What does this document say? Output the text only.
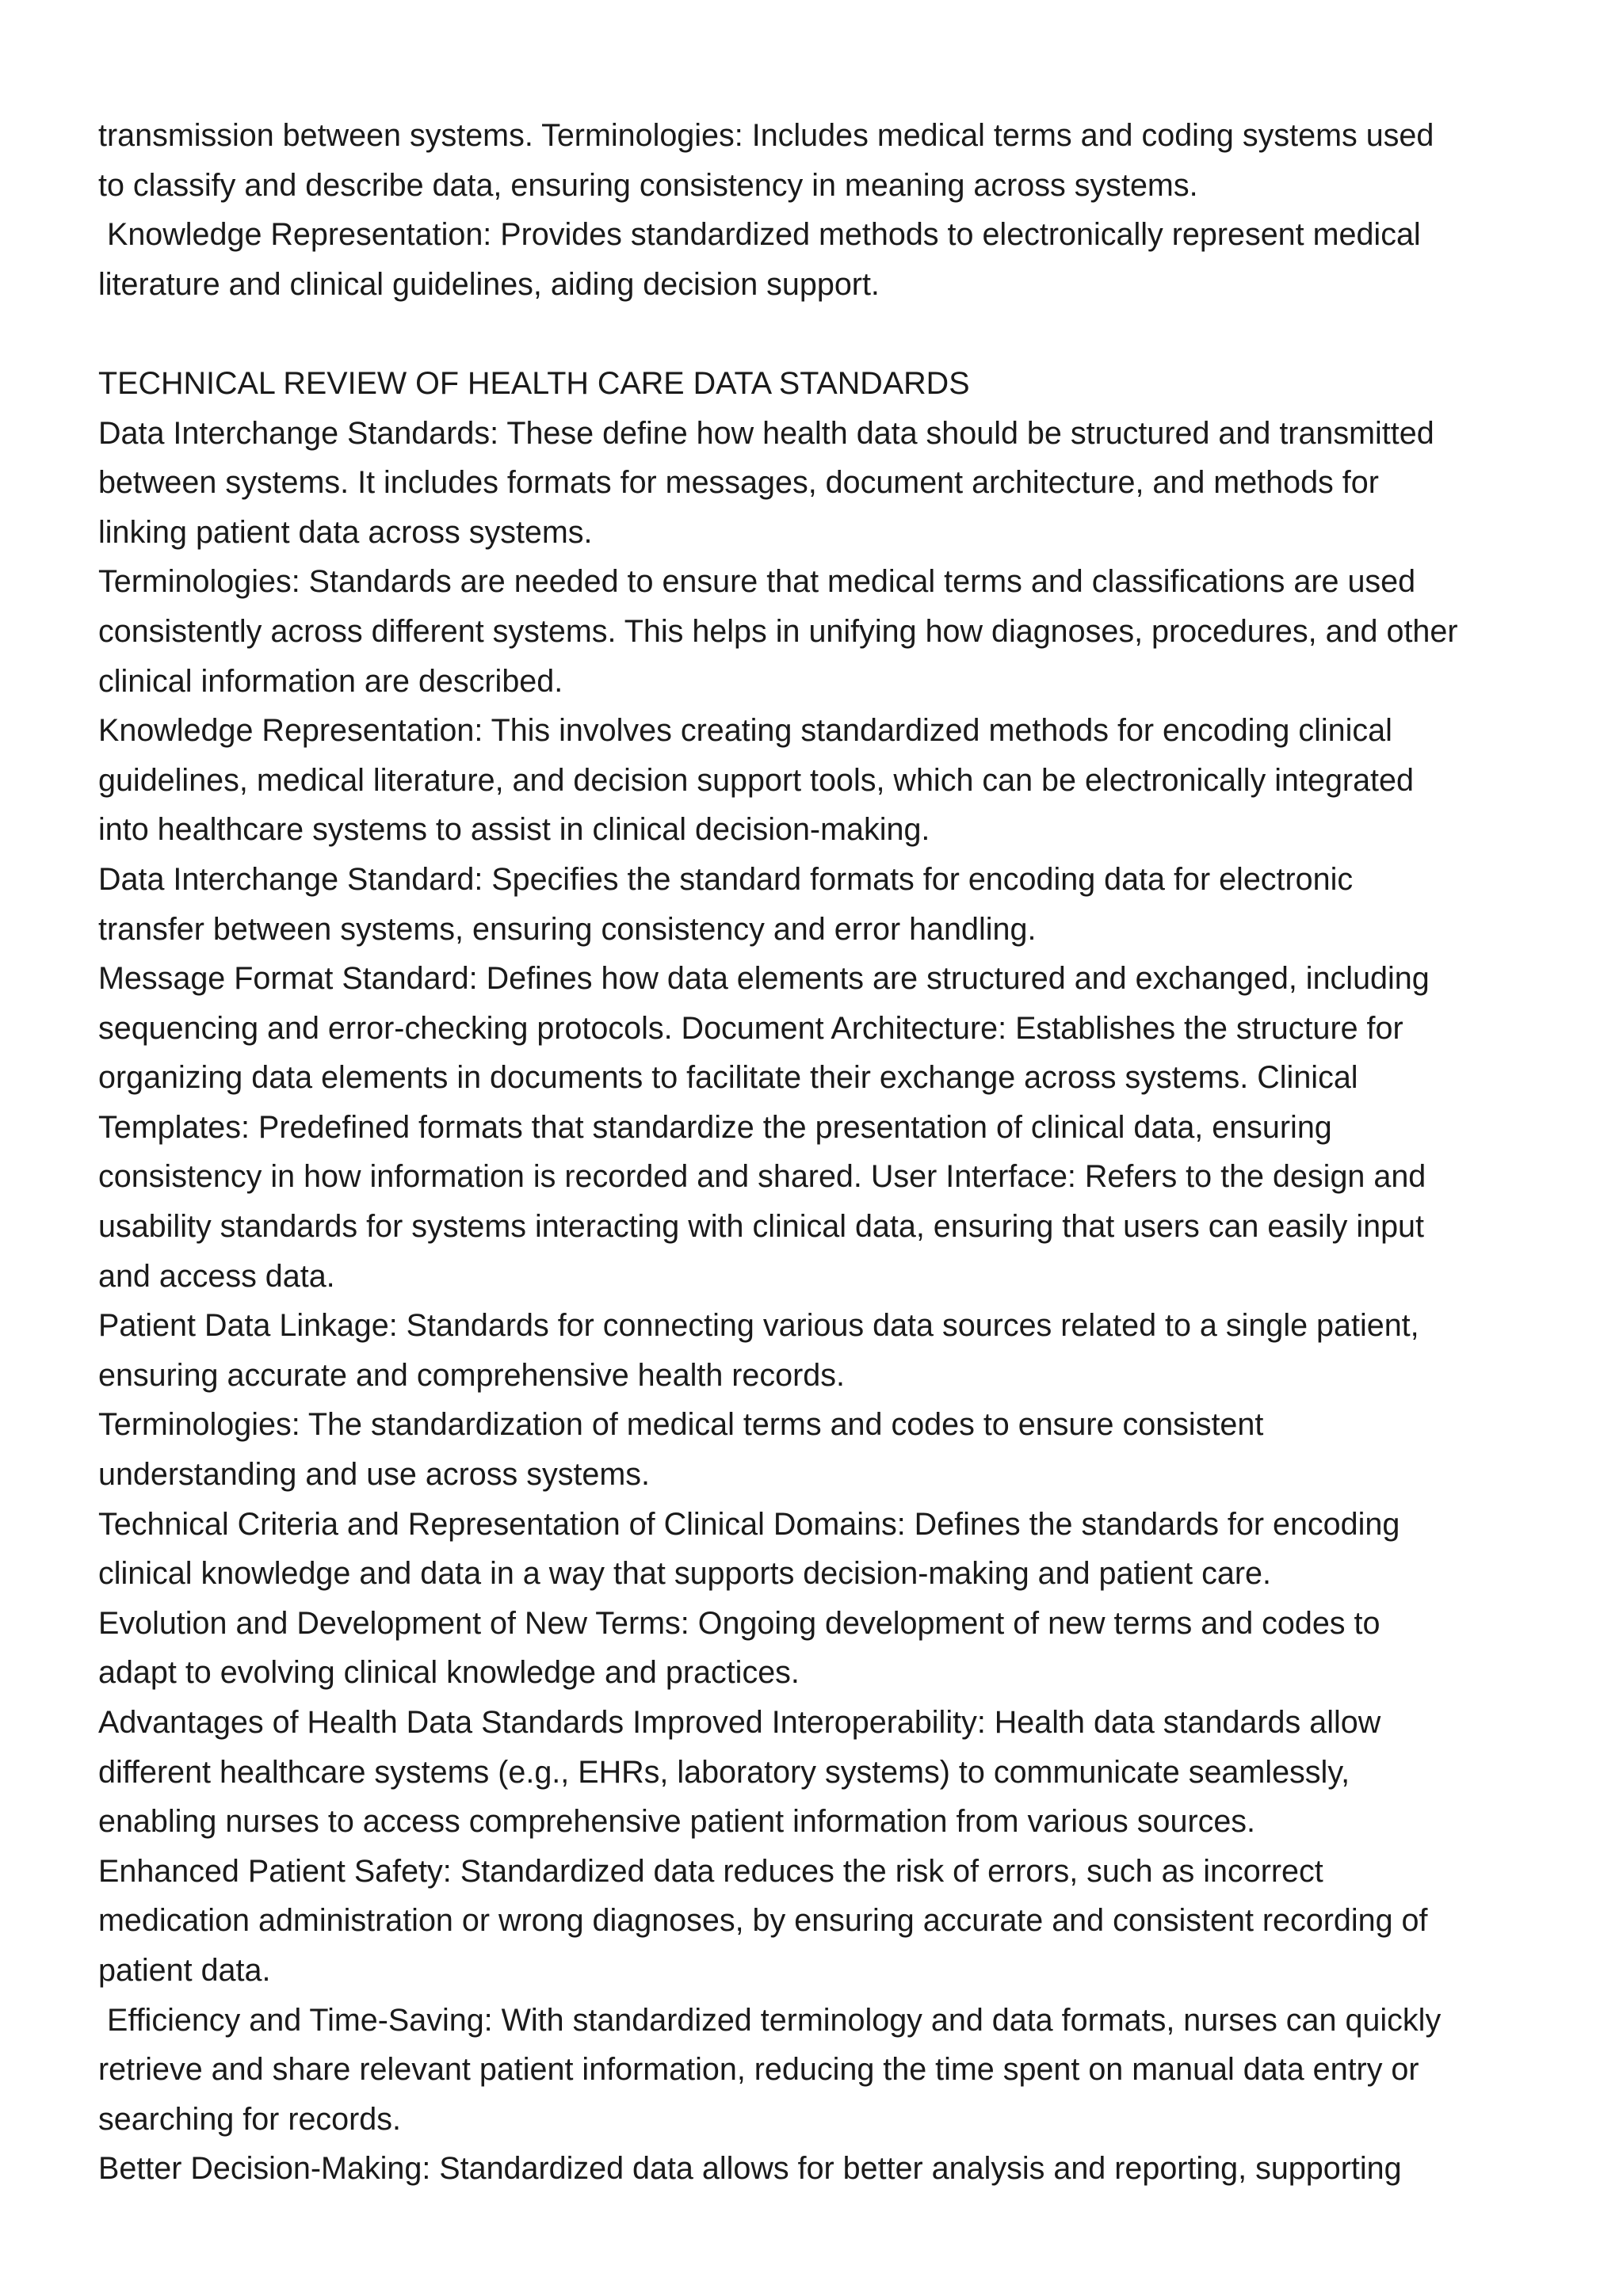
transmission between systems. Terminologies: Includes medical terms and coding systems used
to classify and describe data, ensuring consistency in meaning across systems.
Knowledge Representation: Provides standardized methods to electronically represent medical
literature and clinical guidelines, aiding decision support.
TECHNICAL REVIEW OF HEALTH CARE DATA STANDARDS
Data Interchange Standards: These define how health data should be structured and transmitted
between systems. It includes formats for messages, document architecture, and methods for
linking patient data across systems.
Terminologies: Standards are needed to ensure that medical terms and classifications are used
consistently across different systems. This helps in unifying how diagnoses, procedures, and other
clinical information are described.
Knowledge Representation: This involves creating standardized methods for encoding clinical
guidelines, medical literature, and decision support tools, which can be electronically integrated
into healthcare systems to assist in clinical decision-making.
Data Interchange Standard: Specifies the standard formats for encoding data for electronic
transfer between systems, ensuring consistency and error handling.
Message Format Standard: Defines how data elements are structured and exchanged, including
sequencing and error-checking protocols. Document Architecture: Establishes the structure for
organizing data elements in documents to facilitate their exchange across systems. Clinical
Templates: Predefined formats that standardize the presentation of clinical data, ensuring
consistency in how information is recorded and shared. User Interface: Refers to the design and
usability standards for systems interacting with clinical data, ensuring that users can easily input
and access data.
Patient Data Linkage: Standards for connecting various data sources related to a single patient,
ensuring accurate and comprehensive health records.
Terminologies: The standardization of medical terms and codes to ensure consistent
understanding and use across systems.
Technical Criteria and Representation of Clinical Domains: Defines the standards for encoding
clinical knowledge and data in a way that supports decision-making and patient care.
Evolution and Development of New Terms: Ongoing development of new terms and codes to
adapt to evolving clinical knowledge and practices.
Advantages of Health Data Standards Improved Interoperability: Health data standards allow
different healthcare systems (e.g., EHRs, laboratory systems) to communicate seamlessly,
enabling nurses to access comprehensive patient information from various sources.
Enhanced Patient Safety: Standardized data reduces the risk of errors, such as incorrect
medication administration or wrong diagnoses, by ensuring accurate and consistent recording of
patient data.
Efficiency and Time-Saving: With standardized terminology and data formats, nurses can quickly
retrieve and share relevant patient information, reducing the time spent on manual data entry or
searching for records.
Better Decision-Making: Standardized data allows for better analysis and reporting, supporting
